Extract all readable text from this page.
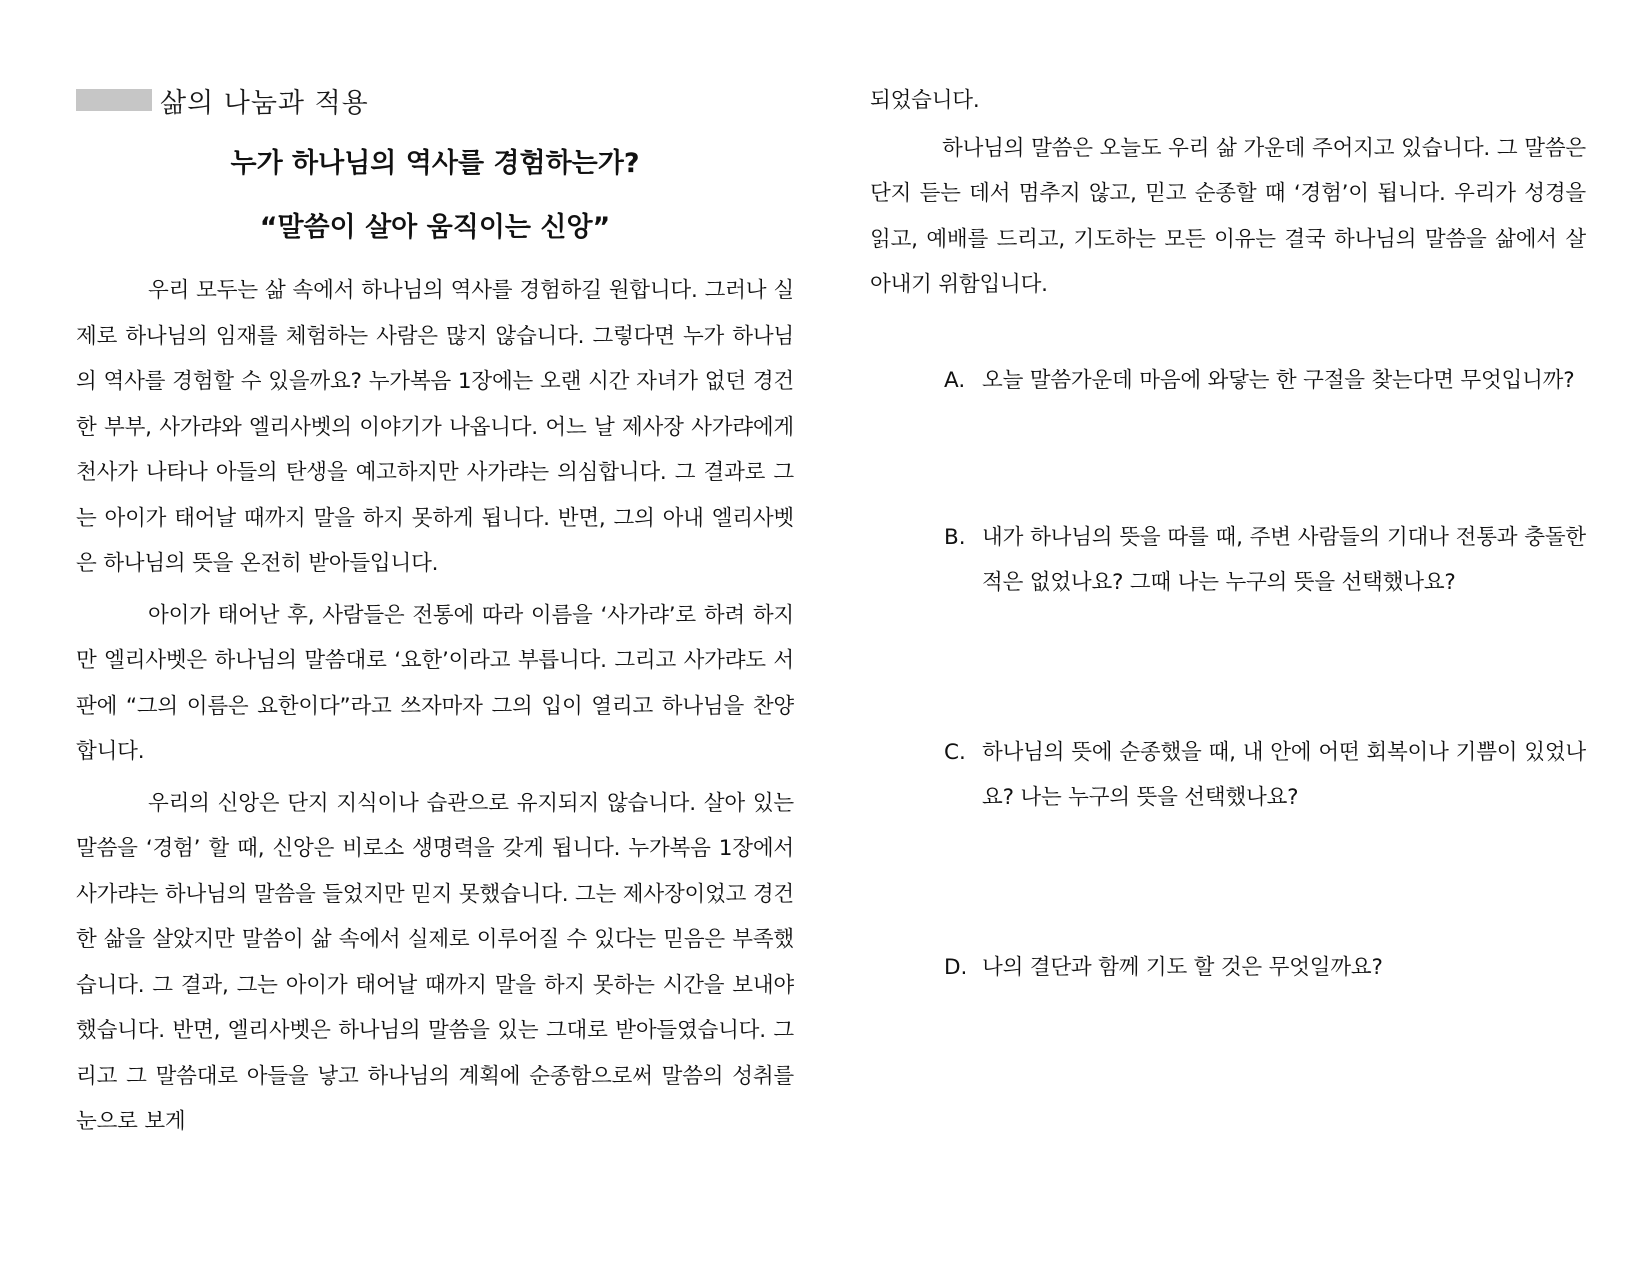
삶의 나눔과 적용
누가 하나님의 역사를 경험하는가?
“말씀이 살아 움직이는 신앙”

우리 모두는 삶 속에서 하나님의 역사를 경험하길 원합니다. 그러나 실제로 하나님의 임재를 체험하는 사람은 많지 않습니다. 그렇다면 누가 하나님의 역사를 경험할 수 있을까요? 누가복음 1장에는 오랜 시간 자녀가 없던 경건한 부부, 사가랴와 엘리사벳의 이야기가 나옵니다. 어느 날 제사장 사가랴에게 천사가 나타나 아들의 탄생을 예고하지만 사가랴는 의심합니다. 그 결과로 그는 아이가 태어날 때까지 말을 하지 못하게 됩니다. 반면, 그의 아내 엘리사벳은 하나님의 뜻을 온전히 받아들입니다.

아이가 태어난 후, 사람들은 전통에 따라 이름을 ‘사가랴’로 하려 하지만 엘리사벳은 하나님의 말씀대로 ‘요한’이라고 부릅니다. 그리고 사가랴도 서판에 “그의 이름은 요한이다”라고 쓰자마자 그의 입이 열리고 하나님을 찬양합니다.

우리의 신앙은 단지 지식이나 습관으로 유지되지 않습니다. 살아 있는 말씀을 ‘경험’ 할 때, 신앙은 비로소 생명력을 갖게 됩니다. 누가복음 1장에서 사가랴는 하나님의 말씀을 들었지만 믿지 못했습니다. 그는 제사장이었고 경건한 삶을 살았지만 말씀이 삶 속에서 실제로 이루어질 수 있다는 믿음은 부족했습니다. 그 결과, 그는 아이가 태어날 때까지 말을 하지 못하는 시간을 보내야 했습니다. 반면, 엘리사벳은 하나님의 말씀을 있는 그대로 받아들였습니다. 그리고 그 말씀대로 아들을 낳고 하나님의 계획에 순종함으로써 말씀의 성취를 눈으로 보게

되었습니다.

하나님의 말씀은 오늘도 우리 삶 가운데 주어지고 있습니다. 그 말씀은 단지 듣는 데서 멈추지 않고, 믿고 순종할 때 ‘경험’이 됩니다. 우리가 성경을 읽고, 예배를 드리고, 기도하는 모든 이유는 결국 하나님의 말씀을 삶에서 살아내기 위함입니다.

A. 오늘 말씀가운데 마음에 와닿는 한 구절을 찾는다면 무엇입니까?
B. 내가 하나님의 뜻을 따를 때, 주변 사람들의 기대나 전통과 충돌한 적은 없었나요? 그때 나는 누구의 뜻을 선택했나요?
C. 하나님의 뜻에 순종했을 때, 내 안에 어떤 회복이나 기쁨이 있었나요? 나는 누구의 뜻을 선택했나요?
D. 나의 결단과 함께 기도 할 것은 무엇일까요?
